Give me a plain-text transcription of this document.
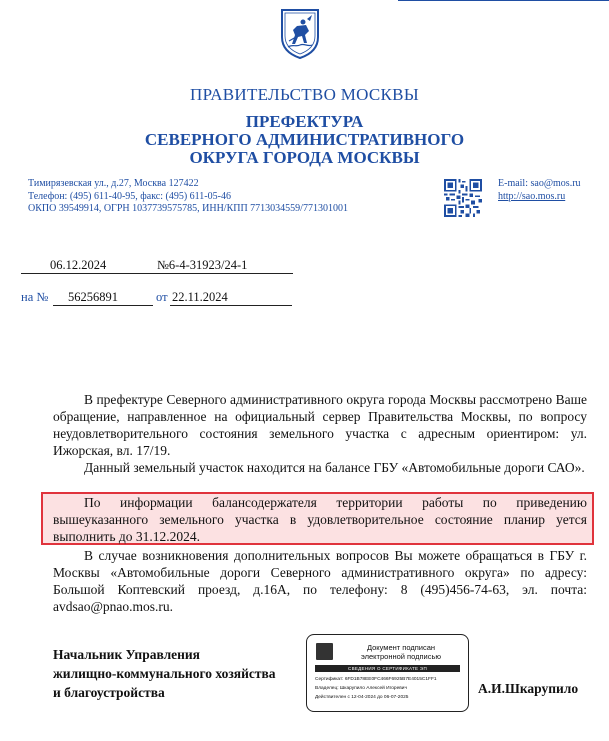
ПРАВИТЕЛЬСТВО МОСКВЫ
ПРЕФЕКТУРА
СЕВЕРНОГО АДМИНИСТРАТИВНОГО
ОКРУГА ГОРОДА МОСКВЫ
Тимирязевская ул., д.27, Москва 127422
Телефон: (495) 611-40-95, факс: (495) 611-05-46
ОКПО 39549914, ОГРН 1037739575785, ИНН/КПП 7713034559/771301001
E-mail: sao@mos.ru
http://sao.mos.ru
06.12.2024	№6-4-31923/24-1
на № 56256891	от 22.11.2024

В префектуре Северного административного округа города Москвы рассмотрено Ваше обращение, направленное на официальный сервер Правительства Москвы, по вопросу неудовлетворительного состояния земельного участка с адресным ориентиром: ул. Ижорская, вл. 17/19.

Данный земельный участок находится на балансе ГБУ «Автомобильные дороги САО».

По информации балансодержателя территории работы по приведению вышеуказанного земельного участка в удовлетворительное состояние планир уется выполнить до 31.12.2024.

В случае возникновения дополнительных вопросов Вы можете обращаться в ГБУ г. Москвы «Автомобильные дороги Северного административного округа» по адресу: Большой Коптевский проезд, д.16А, по телефону: 8 (495)456-74-63, эл. почта: avdsao@pnao.mos.ru.

Начальник Управления
жилищно-коммунального хозяйства
и благоустройства
Документ подписан
электронной подписью
СВЕДЕНИЯ О СЕРТИФИКАТЕ ЭП
Сертификат: 6FD1B78EE0FC466F6925B7E4015C1FF1
Владелец: Шкарупило Алексей Игоревич
Действителен с 12-04-2024 до 06-07-2025
А.И.Шкарупило
